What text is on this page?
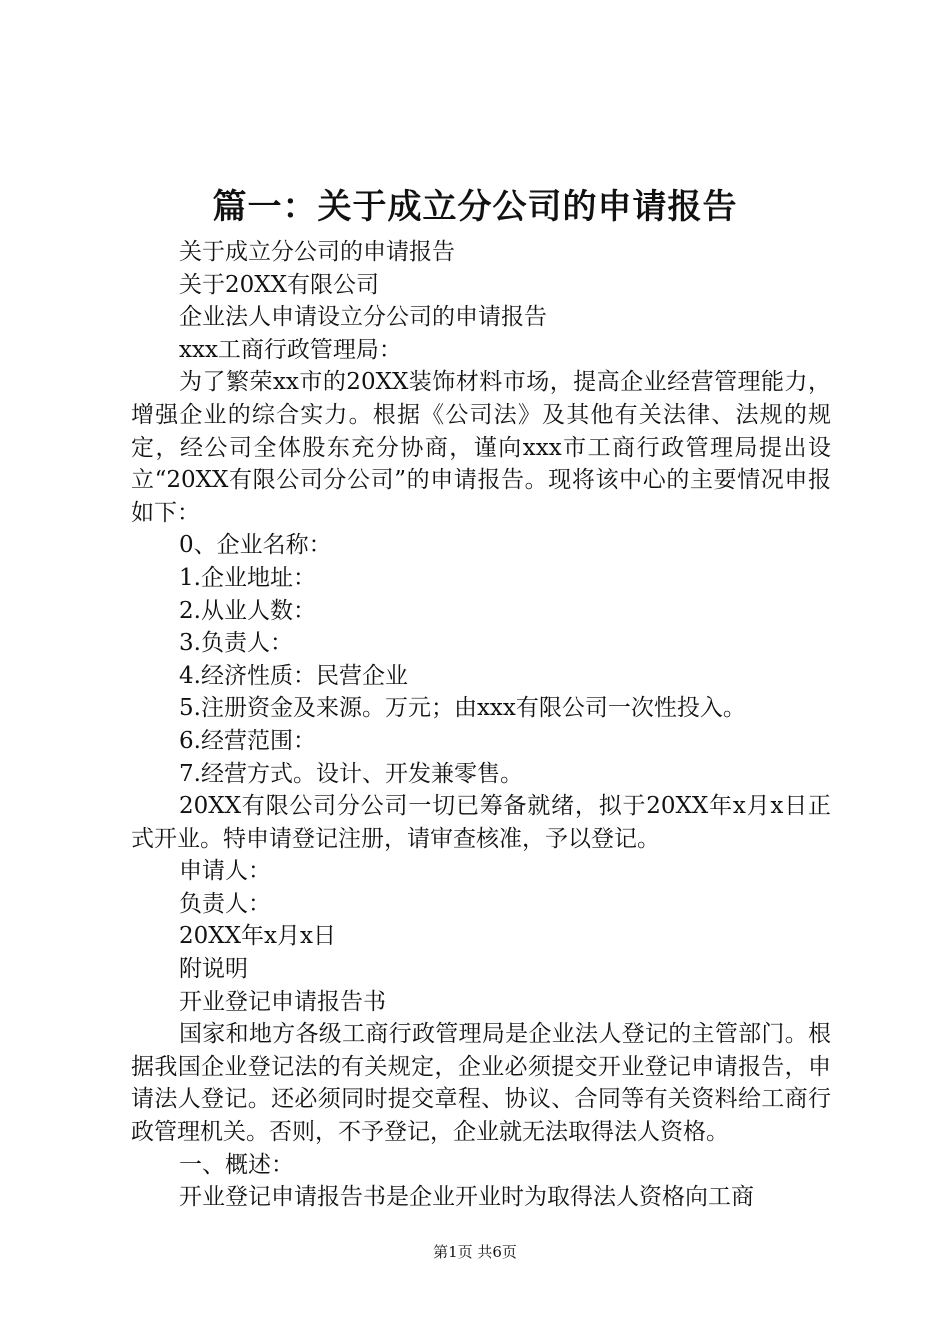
篇一：关于成立分公司的申请报告

关于成立分公司的申请报告

关于20XX有限公司

企业法人申请设立分公司的申请报告

xxx工商行政管理局：

为了繁荣xx市的20XX装饰材料市场，提高企业经营管理能力，增强企业的综合实力。根据《公司法》及其他有关法律、法规的规定，经公司全体股东充分协商，谨向xxx市工商行政管理局提出设立“20XX有限公司分公司”的申请报告。现将该中心的主要情况申报如下：

0、企业名称：

1.企业地址：

2.从业人数：

3.负责人：

4.经济性质：民营企业

5.注册资金及来源。万元；由xxx有限公司一次性投入。

6.经营范围：

7.经营方式。设计、开发兼零售。

20XX有限公司分公司一切已筹备就绪，拟于20XX年x月x日正式开业。特申请登记注册，请审查核准，予以登记。

申请人：

负责人：

20XX年x月x日

附说明

开业登记申请报告书

国家和地方各级工商行政管理局是企业法人登记的主管部门。根据我国企业登记法的有关规定，企业必须提交开业登记申请报告，申请法人登记。还必须同时提交章程、协议、合同等有关资料给工商行政管理机关。否则，不予登记，企业就无法取得法人资格。

一、概述：

开业登记申请报告书是企业开业时为取得法人资格向工商

第1页 共6页
